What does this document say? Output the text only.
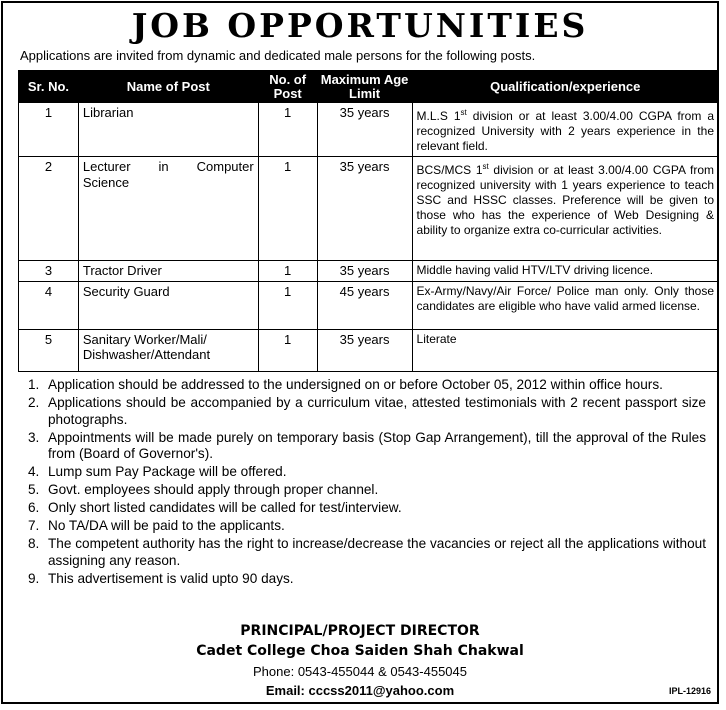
JOB OPPORTUNITIES
Applications are invited from dynamic and dedicated male persons for the following posts.
Sr. No.	Name of Post	No. of Post	Maximum Age Limit	Qualification/experience
1	Librarian	1	35 years	M.L.S 1st division or at least 3.00/4.00 CGPA from a recognized University with 2 years experience in the relevant field.
2	Lecturer in Computer Science	1	35 years	BCS/MCS 1st division or at least 3.00/4.00 CGPA from recognized university with 1 years experience to teach SSC and HSSC classes. Preference will be given to those who has the experience of Web Designing & ability to organize extra co-curricular activities.
3	Tractor Driver	1	35 years	Middle having valid HTV/LTV driving licence.
4	Security Guard	1	45 years	Ex-Army/Navy/Air Force/ Police man only. Only those candidates are eligible who have valid armed license.
5	Sanitary Worker/Mali/ Dishwasher/Attendant	1	35 years	Literate
1. Application should be addressed to the undersigned on or before October 05, 2012 within office hours.
2. Applications should be accompanied by a curriculum vitae, attested testimonials with 2 recent passport size photographs.
3. Appointments will be made purely on temporary basis (Stop Gap Arrangement), till the approval of the Rules from (Board of Governor's).
4. Lump sum Pay Package will be offered.
5. Govt. employees should apply through proper channel.
6. Only short listed candidates will be called for test/interview.
7. No TA/DA will be paid to the applicants.
8. The competent authority has the right to increase/decrease the vacancies or reject all the applications without assigning any reason.
9. This advertisement is valid upto 90 days.
PRINCIPAL/PROJECT DIRECTOR
Cadet College Choa Saiden Shah Chakwal
Phone: 0543-455044 & 0543-455045
Email: cccss2011@yahoo.com	IPL-12916
